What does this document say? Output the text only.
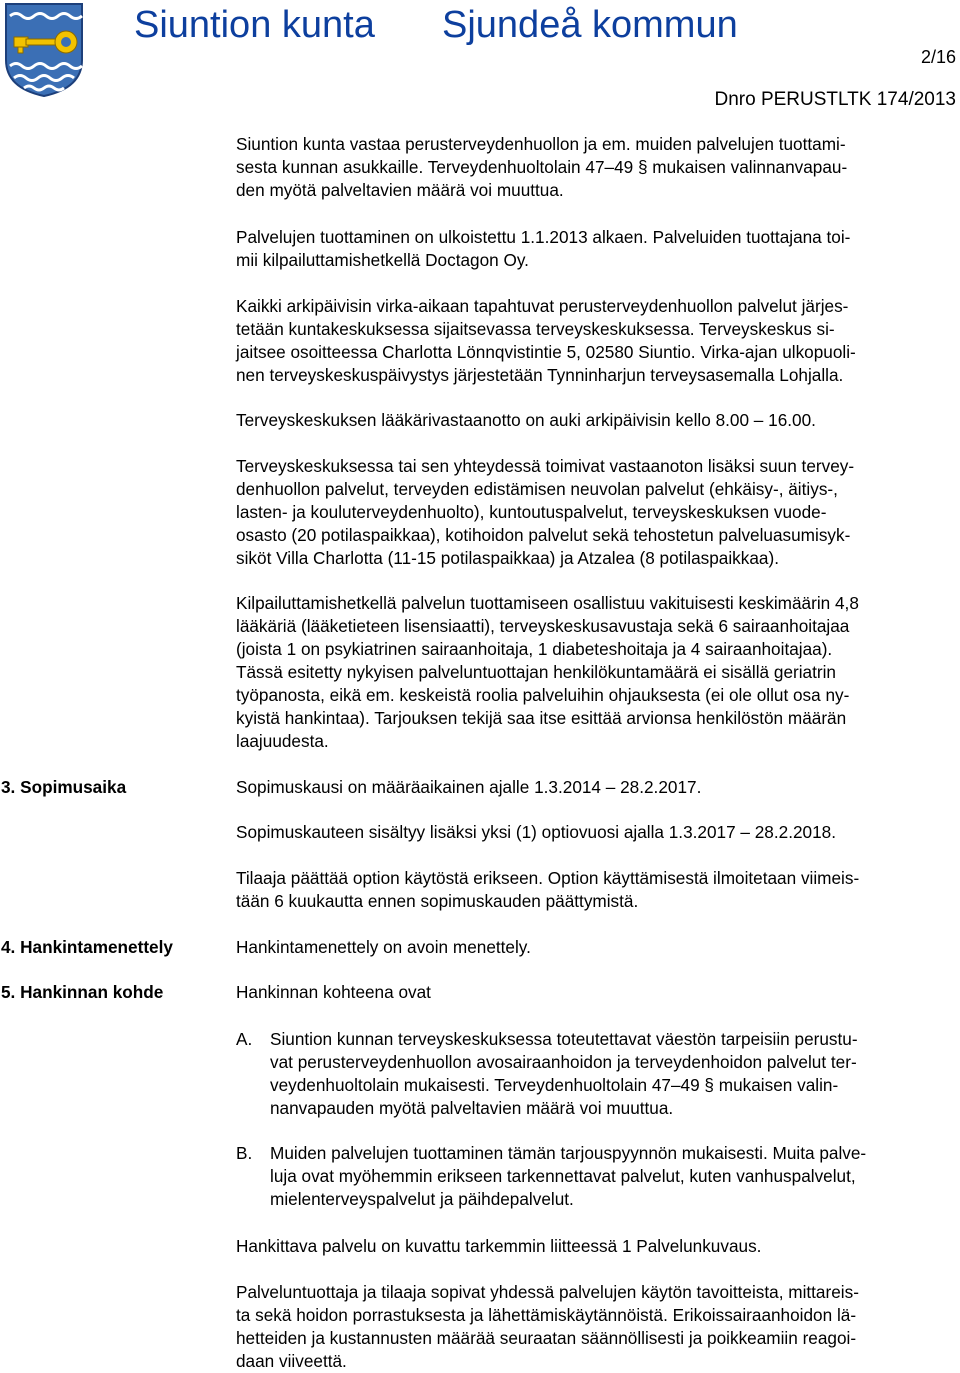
Siuntion kunta Sjundeå kommun
2/16
Dnro PERUSTLTK 174/2013

Siuntion kunta vastaa perusterveydenhuollon ja em. muiden palvelujen tuottami-
sesta kunnan asukkaille. Terveydenhuoltolain 47–49 § mukaisen valinnanvapau-
den myötä palveltavien määrä voi muuttua.

Palvelujen tuottaminen on ulkoistettu 1.1.2013 alkaen. Palveluiden tuottajana toi-
mii kilpailuttamishetkellä Doctagon Oy.

Kaikki arkipäivisin virka-aikaan tapahtuvat perusterveydenhuollon palvelut järjes-
tetään kuntakeskuksessa sijaitsevassa terveyskeskuksessa. Terveyskeskus si-
jaitsee osoitteessa Charlotta Lönnqvistintie 5, 02580 Siuntio. Virka-ajan ulkopuoli-
nen terveyskeskuspäivystys järjestetään Tynninharjun terveysasemalla Lohjalla.

Terveyskeskuksen lääkärivastaanotto on auki arkipäivisin kello 8.00 – 16.00.

Terveyskeskuksessa tai sen yhteydessä toimivat vastaanoton lisäksi suun tervey-
denhuollon palvelut, terveyden edistämisen neuvolan palvelut (ehkäisy-, äitiys-,
lasten- ja kouluterveydenhuolto), kuntoutuspalvelut, terveyskeskuksen vuode-
osasto (20 potilaspaikkaa), kotihoidon palvelut sekä tehostetun palveluasumisyk-
siköt Villa Charlotta (11-15 potilaspaikkaa) ja Atzalea (8 potilaspaikkaa).

Kilpailuttamishetkellä palvelun tuottamiseen osallistuu vakituisesti keskimäärin 4,8
lääkäriä (lääketieteen lisensiaatti), terveyskeskusavustaja sekä 6 sairaanhoitajaa
(joista 1 on psykiatrinen sairaanhoitaja, 1 diabeteshoitaja ja 4 sairaanhoitajaa).
Tässä esitetty nykyisen palveluntuottajan henkilökuntamäärä ei sisällä geriatrin
työpanosta, eikä em. keskeistä roolia palveluihin ohjauksesta (ei ole ollut osa ny-
kyistä hankintaa). Tarjouksen tekijä saa itse esittää arvionsa henkilöstön määrän
laajuudesta.

3. Sopimusaika	Sopimuskausi on määräaikainen ajalle 1.3.2014 – 28.2.2017.

Sopimuskauteen sisältyy lisäksi yksi (1) optiovuosi ajalla 1.3.2017 – 28.2.2018.

Tilaaja päättää option käytöstä erikseen. Option käyttämisestä ilmoitetaan viimeis-
tään 6 kuukautta ennen sopimuskauden päättymistä.

4. Hankintamenettely	Hankintamenettely on avoin menettely.

5. Hankinnan kohde	Hankinnan kohteena ovat

A. Siuntion kunnan terveyskeskuksessa toteutettavat väestön tarpeisiin perustu-
vat perusterveydenhuollon avosairaanhoidon ja terveydenhoidon palvelut ter-
veydenhuoltolain mukaisesti. Terveydenhuoltolain 47–49 § mukaisen valin-
nanvapauden myötä palveltavien määrä voi muuttua.

B. Muiden palvelujen tuottaminen tämän tarjouspyynnön mukaisesti. Muita palve-
luja ovat myöhemmin erikseen tarkennettavat palvelut, kuten vanhuspalvelut,
mielenterveyspalvelut ja päihdepalvelut.

Hankittava palvelu on kuvattu tarkemmin liitteessä 1 Palvelunkuvaus.

Palveluntuottaja ja tilaaja sopivat yhdessä palvelujen käytön tavoitteista, mittareis-
ta sekä hoidon porrastuksesta ja lähettämiskäytännöistä. Erikoissairaanhoidon lä-
hetteiden ja kustannusten määrää seuraatan säännöllisesti ja poikkeamiin reagoi-
daan viiveettä.
